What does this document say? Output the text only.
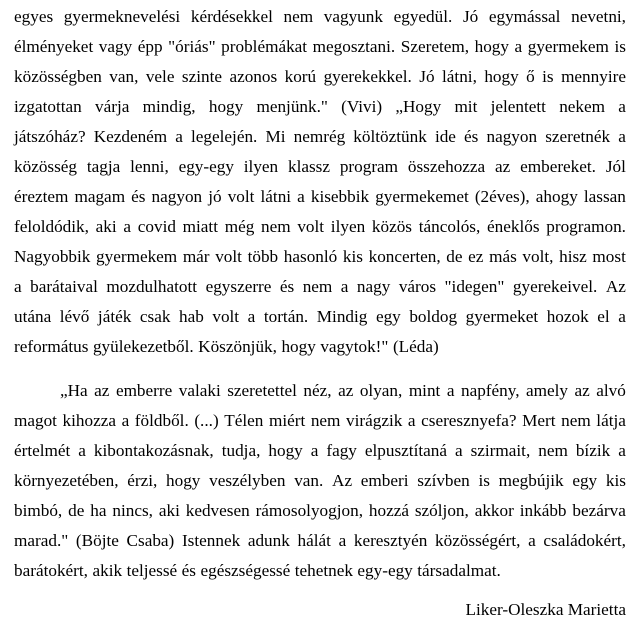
egyes gyermeknevelési kérdésekkel nem vagyunk egyedül. Jó egymással nevetni,
élményeket vagy épp "óriás" problémákat megosztani. Szeretem, hogy a gyermekem is
közösségben van, vele szinte azonos korú gyerekekkel. Jó látni, hogy ő is mennyire
izgatottan várja mindig, hogy menjünk." (Vivi) „Hogy mit jelentett nekem a
játszóház? Kezdeném a legelején. Mi nemrég költöztünk ide és nagyon szeretnék a
közösség tagja lenni, egy-egy ilyen klassz program összehozza az embereket. Jól
éreztem magam és nagyon jó volt látni a kisebbik gyermekemet (2éves), ahogy lassan
feloldódik, aki a covid miatt még nem volt ilyen közös táncolós, éneklős programon.
Nagyobbik gyermekem már volt több hasonló kis koncerten, de ez más volt, hisz most
a barátaival mozdulhatott egyszerre és nem a nagy város "idegen" gyerekeivel. Az
utána lévő játék csak hab volt a tortán. Mindig egy boldog gyermeket hozok el a
református gyülekezetből. Köszönjük, hogy vagytok!" (Léda)
„Ha az emberre valaki szeretettel néz, az olyan, mint a napfény, amely az alvó
magot kihozza a földből. (...) Télen miért nem virágzik a cseresznyefa? Mert nem látja
értelmét a kibontakozásnak, tudja, hogy a fagy elpusztítaná a szirmait, nem bízik a
környezetében, érzi, hogy veszélyben van. Az emberi szívben is megbújik egy kis
bimbó, de ha nincs, aki kedvesen rámosolyogjon, hozzá szóljon, akkor inkább bezárva
marad." (Böjte Csaba) Istennek adunk hálát a keresztyén közösségért, a családokért,
barátokért, akik teljessé és egészségessé tehetnek egy-egy társadalmat.
Liker-Oleszka Marietta
